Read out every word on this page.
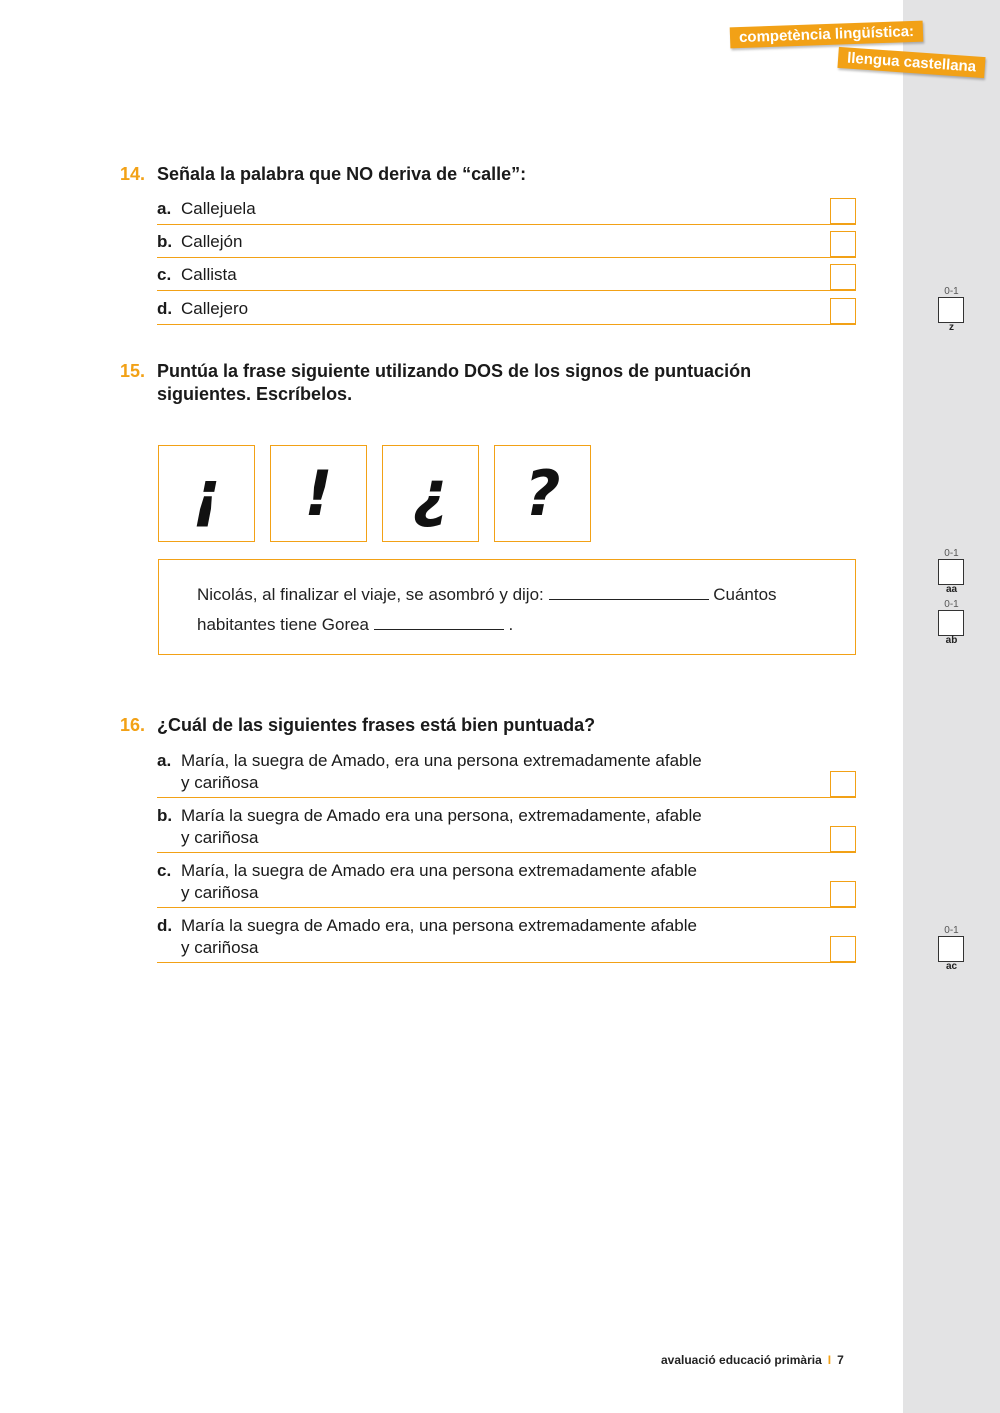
competència lingüística:
llengua castellana
14. Señala la palabra que NO deriva de “calle”:
a. Callejuela
b. Callejón
c. Callista
d. Callejero
15. Puntúa la frase siguiente utilizando DOS de los signos de puntuación siguientes. Escríbelos.
¡	!	¿	?
Nicolás, al finalizar el viaje, se asombró y dijo:	Cuántos
habitantes tiene Gorea	.
16. ¿Cuál de las siguientes frases está bien puntuada?
a. María, la suegra de Amado, era una persona extremadamente afable
y cariñosa
b. María la suegra de Amado era una persona, extremadamente, afable
y cariñosa
c. María, la suegra de Amado era una persona extremadamente afable
y cariñosa
d. María la suegra de Amado era, una persona extremadamente afable
y cariñosa
0-1
z
0-1
aa
0-1
ab
0-1
ac
avaluació educació primària I 7
